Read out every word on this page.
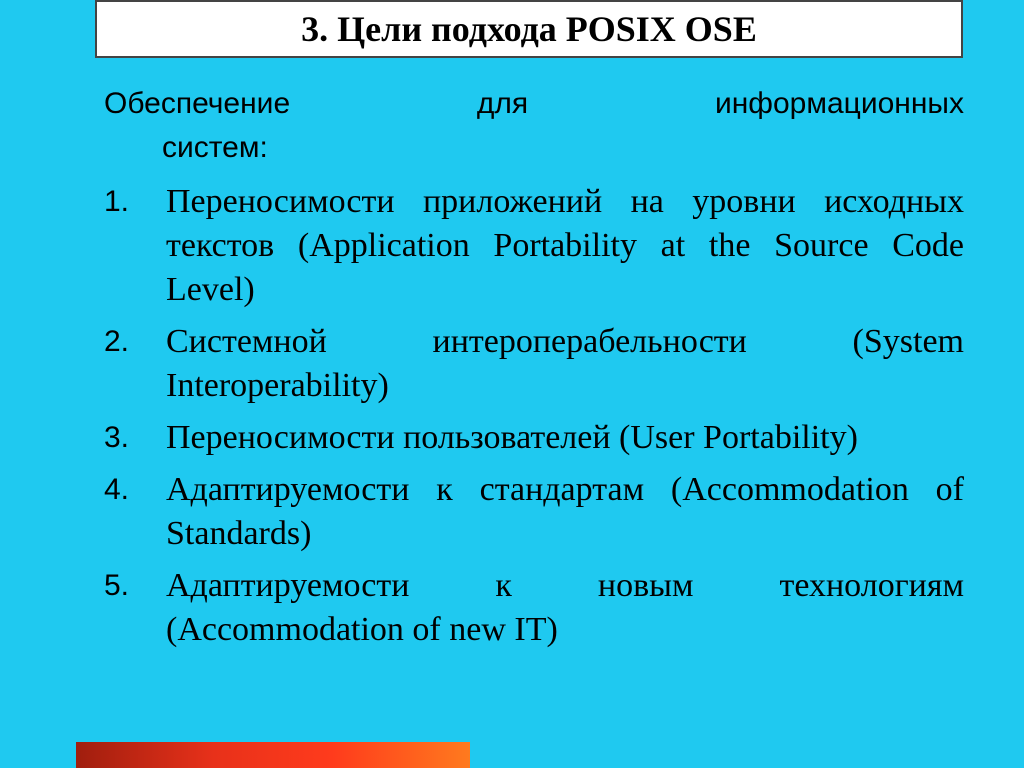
3. Цели подхода POSIX OSE

Обеспечение для информационных
систем:

1.	Переносимости приложений на уровни исходных текстов (Application Portability at the Source Code Level)
2.	Системной интероперабельности (System Interoperability)
3.	Переносимости пользователей (User Portability)
4.	Адаптируемости к стандартам (Accommodation of Standards)
5.	Адаптируемости к новым технологиям (Accommodation of new IT)
